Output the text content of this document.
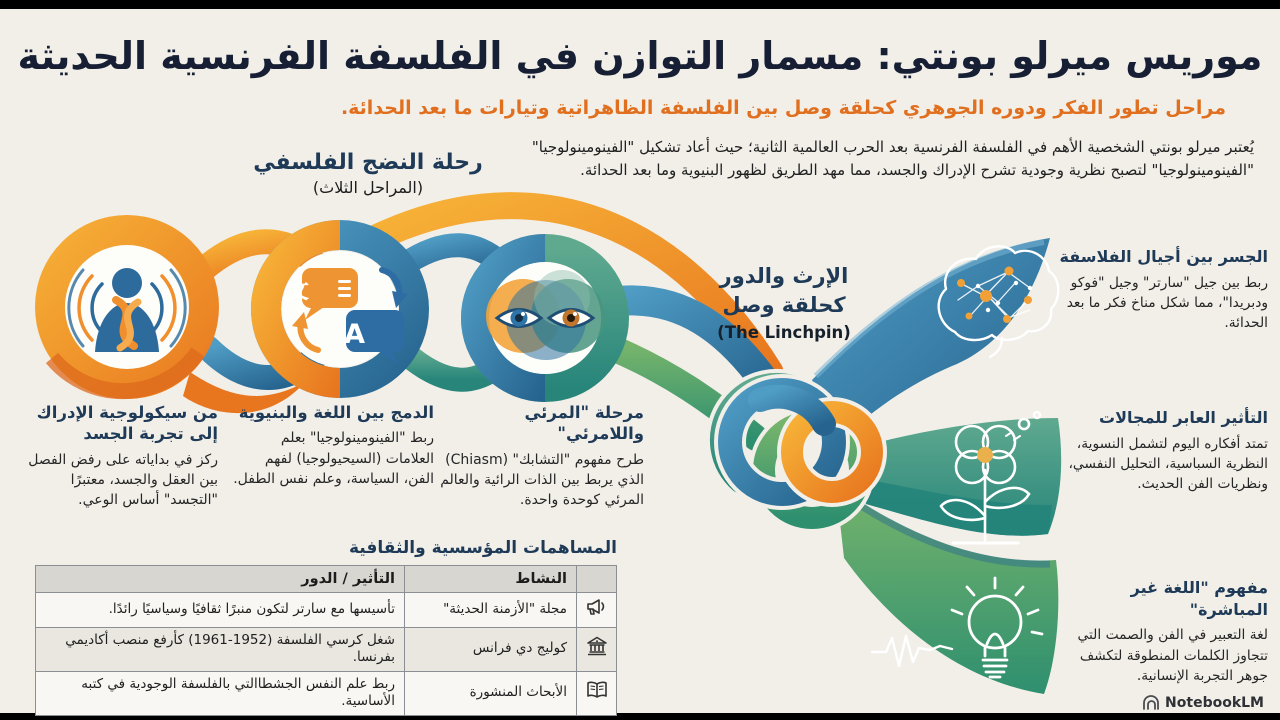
文
A
موريس ميرلو بونتي: مسمار التوازن في الفلسفة الفرنسية الحديثة
مراحل تطور الفكر ودوره الجوهري كحلقة وصل بين الفلسفة الظاهراتية وتيارات ما بعد الحدائة.
يُعتبر ميرلو بونتي الشخصية الأهم في الفلسفة الفرنسية بعد الحرب العالمية الثانية؛ حيث أعاد تشكيل "الفينومينولوجيا"
"الفينومينولوجيا" لتصبح نظرية وجودية تشرح الإدراك والجسد، مما مهد الطريق لظهور البنيوية وما بعد الحدائة.
رحلة النضج الفلسفي
(المراحل الثلاث)
من سيكولوجية الإدراك إلى تجربة الجسد
ركز في بداياته على رفض الفصل بين العقل والجسد، معتبرًا "التجسد" أساس الوعي.
الدمج بين اللغة والبنيوية
ربط "الفينومينولوجيا" بعلم العلامات (السيحيولوجيا) لفهم الفن، السياسة، وعلم نفس الطفل.
مرحلة "المرئي واللامرئي"
طرح مفهوم "التشابك" (Chiasm) الذي يربط بين الذات الرائية والعالم المرئي كوحدة واحدة.
الإرث والدور
كحلقة وصل
(The Linchpin)
الجسر بين أجيال الفلاسفة
ربط بين جيل "سارتر" وجيل "فوكو ودبريدا"، مما شكل مناخ فكر ما بعد الحدائة.
التأثير العابر للمجالات
تمتد أفكاره اليوم لتشمل النسوية، النظرية السباسية، التحليل النفسي، ونظريات الفن الحديث.
مفهوم "اللغة غير المباشرة"
لغة التعبير في الفن والصمت التي تتجاوز الكلمات المنطوقة لتكشف جوهر التجربة الإنسانية.
المساهمات المؤسسية والثقافية
	النشاط	التأثير / الدور
	مجلة "الأزمنة الحديثة"	تأسيسها مع سارتر لتكون منبرًا ثقافيًا وسياسيًا رائدًا.
	كوليج دي فرانس	شغل كرسي الفلسفة (1952-1961) كأرفع منصب أكاديمي بفرنسا.
	الأبحاث المنشورة	ربط علم النفس الجشطاالتي بالفلسفة الوجودية في كتبه الأساسية.	NotebookLM
